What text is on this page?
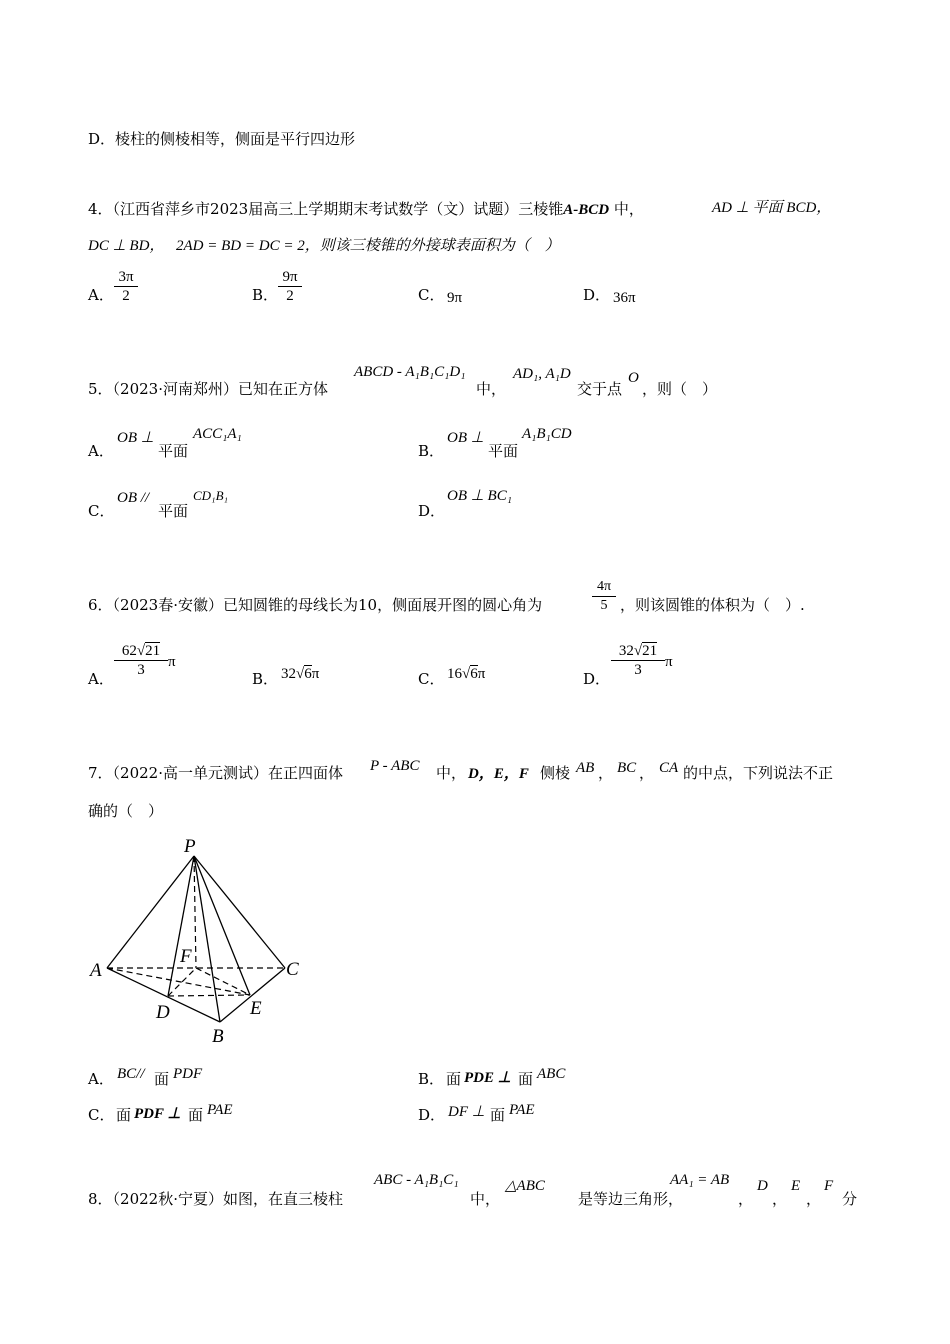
D．棱柱的侧棱相等，侧面是平行四边形
4．（江西省萍乡市2023届高三上学期期末考试数学（文）试题）三棱锥A-BCD 中，	AD ⊥ 平面 BCD，
DC ⊥ BD， 2AD = BD = DC = 2，则该三棱锥的外接球表面积为（　）
A． $\frac{3\pi}{2}$	B． $\frac{9\pi}{2}$	C． 9π	D． 36π
5．（2023·河南郑州）已知在正方体
ABCD - A₁B₁C₁D₁
中，
AD₁, A₁D
交于点
O
，则（　）
A．
OB ⊥
平面
ACC₁A₁
B．
OB ⊥
平面
A₁B₁CD
C．
OB //
平面
CD₁B₁
D．
OB ⊥ BC₁
6．（2023春·安徽）已知圆锥的母线长为10，侧面展开图的圆心角为	$\frac{4\pi}{5}$ ，则该圆锥的体积为（　）.
A． $\frac{62√21}{3}$ π
B． 32√6π	C． 16√6π	D． $\frac{32√21}{3}$ π
7．（2022·高一单元测试）在正四面体 P - ABC 中， D，E，F 侧棱 AB ， BC ， CA 的中点，下列说法不正
确的（　）
P
A
B
C
D	E
F
A． BC// 面 PDF	B． 面 PDE ⊥ 面 ABC
C． 面 PDF ⊥ 面 PAE	D． DF ⊥ 面 PAE
8．（2022秋·宁夏）如图，在直三棱柱
ABC - A₁B₁C₁
中，
△ABC
是等边三角形，
AA₁ = AB
，
D
，
E
，
F
分
